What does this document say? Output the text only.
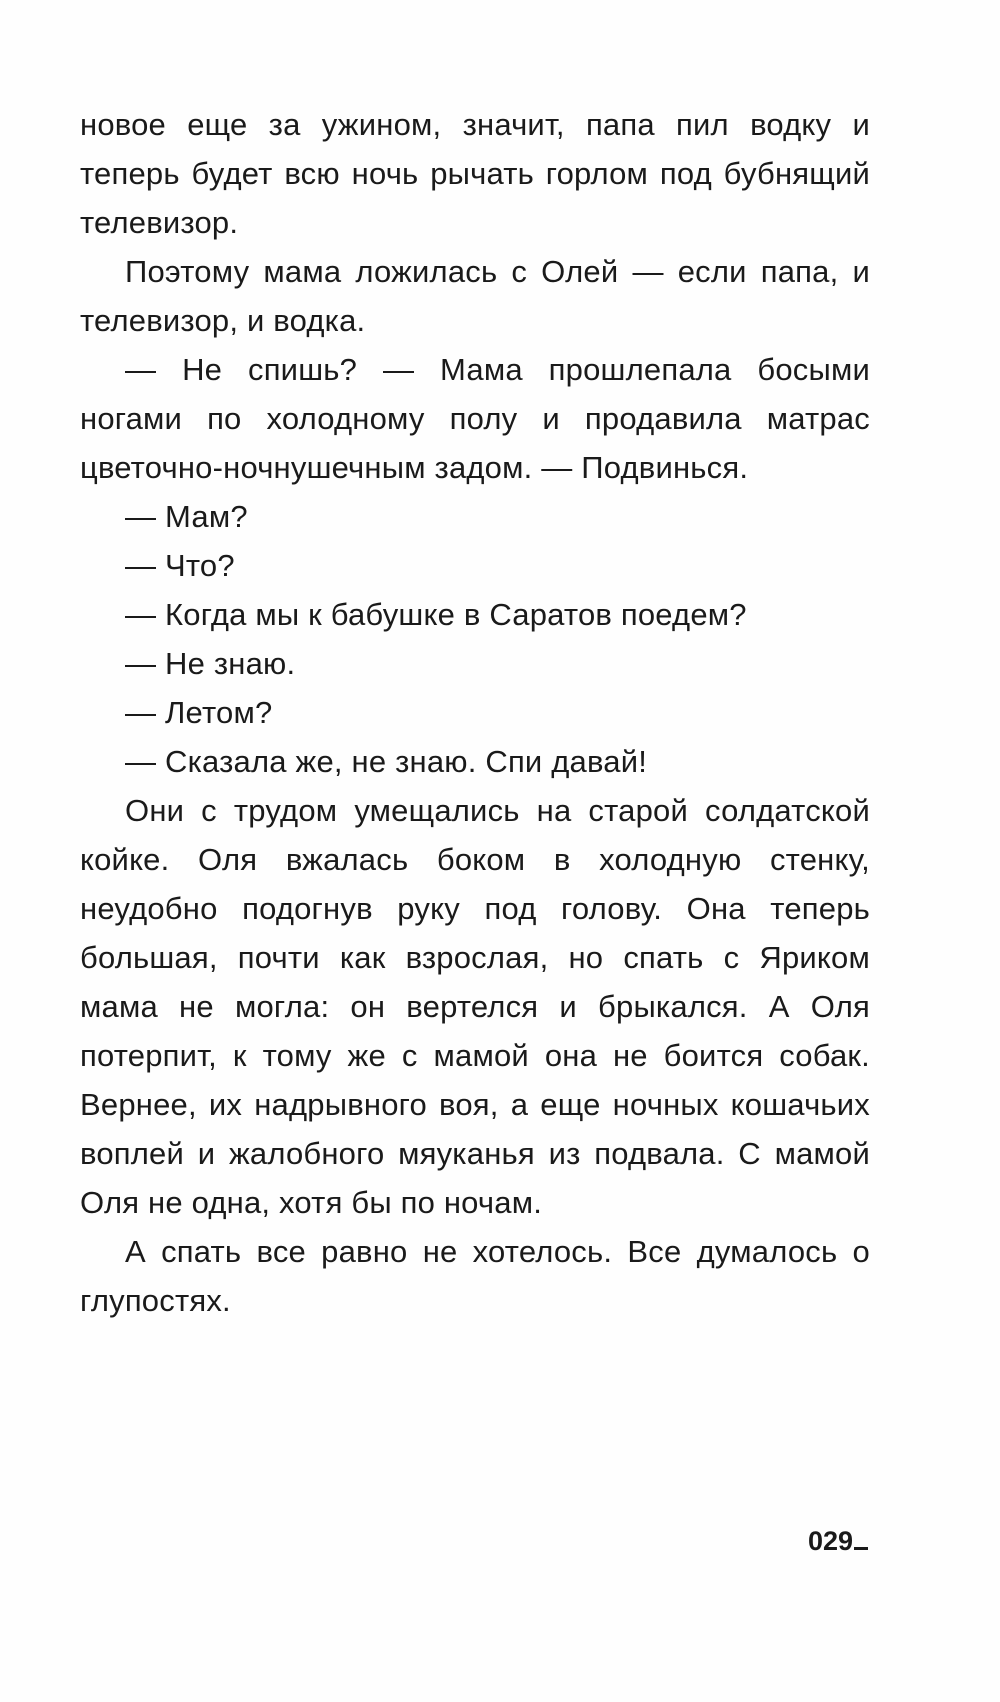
новое еще за ужином, значит, папа пил водку и теперь будет всю ночь рычать горлом под бубнящий телевизор.

Поэтому мама ложилась с Олей — если папа, и телевизор, и водка.

— Не спишь? — Мама прошлепала босыми ногами по холодному полу и продавила матрас цветочно-ночнушечным задом. — Подвинься.

— Мам?

— Что?

— Когда мы к бабушке в Саратов поедем?

— Не знаю.

— Летом?

— Сказала же, не знаю. Спи давай!

Они с трудом умещались на старой солдатской койке. Оля вжалась боком в холодную стенку, неудобно подогнув руку под голову. Она теперь большая, почти как взрослая, но спать с Яриком мама не могла: он вертелся и брыкался. А Оля потерпит, к тому же с мамой она не боится собак. Вернее, их надрывного воя, а еще ночных кошачьих воплей и жалобного мяуканья из подвала. С мамой Оля не одна, хотя бы по ночам.

А спать все равно не хотелось. Все думалось о глупостях.

029
